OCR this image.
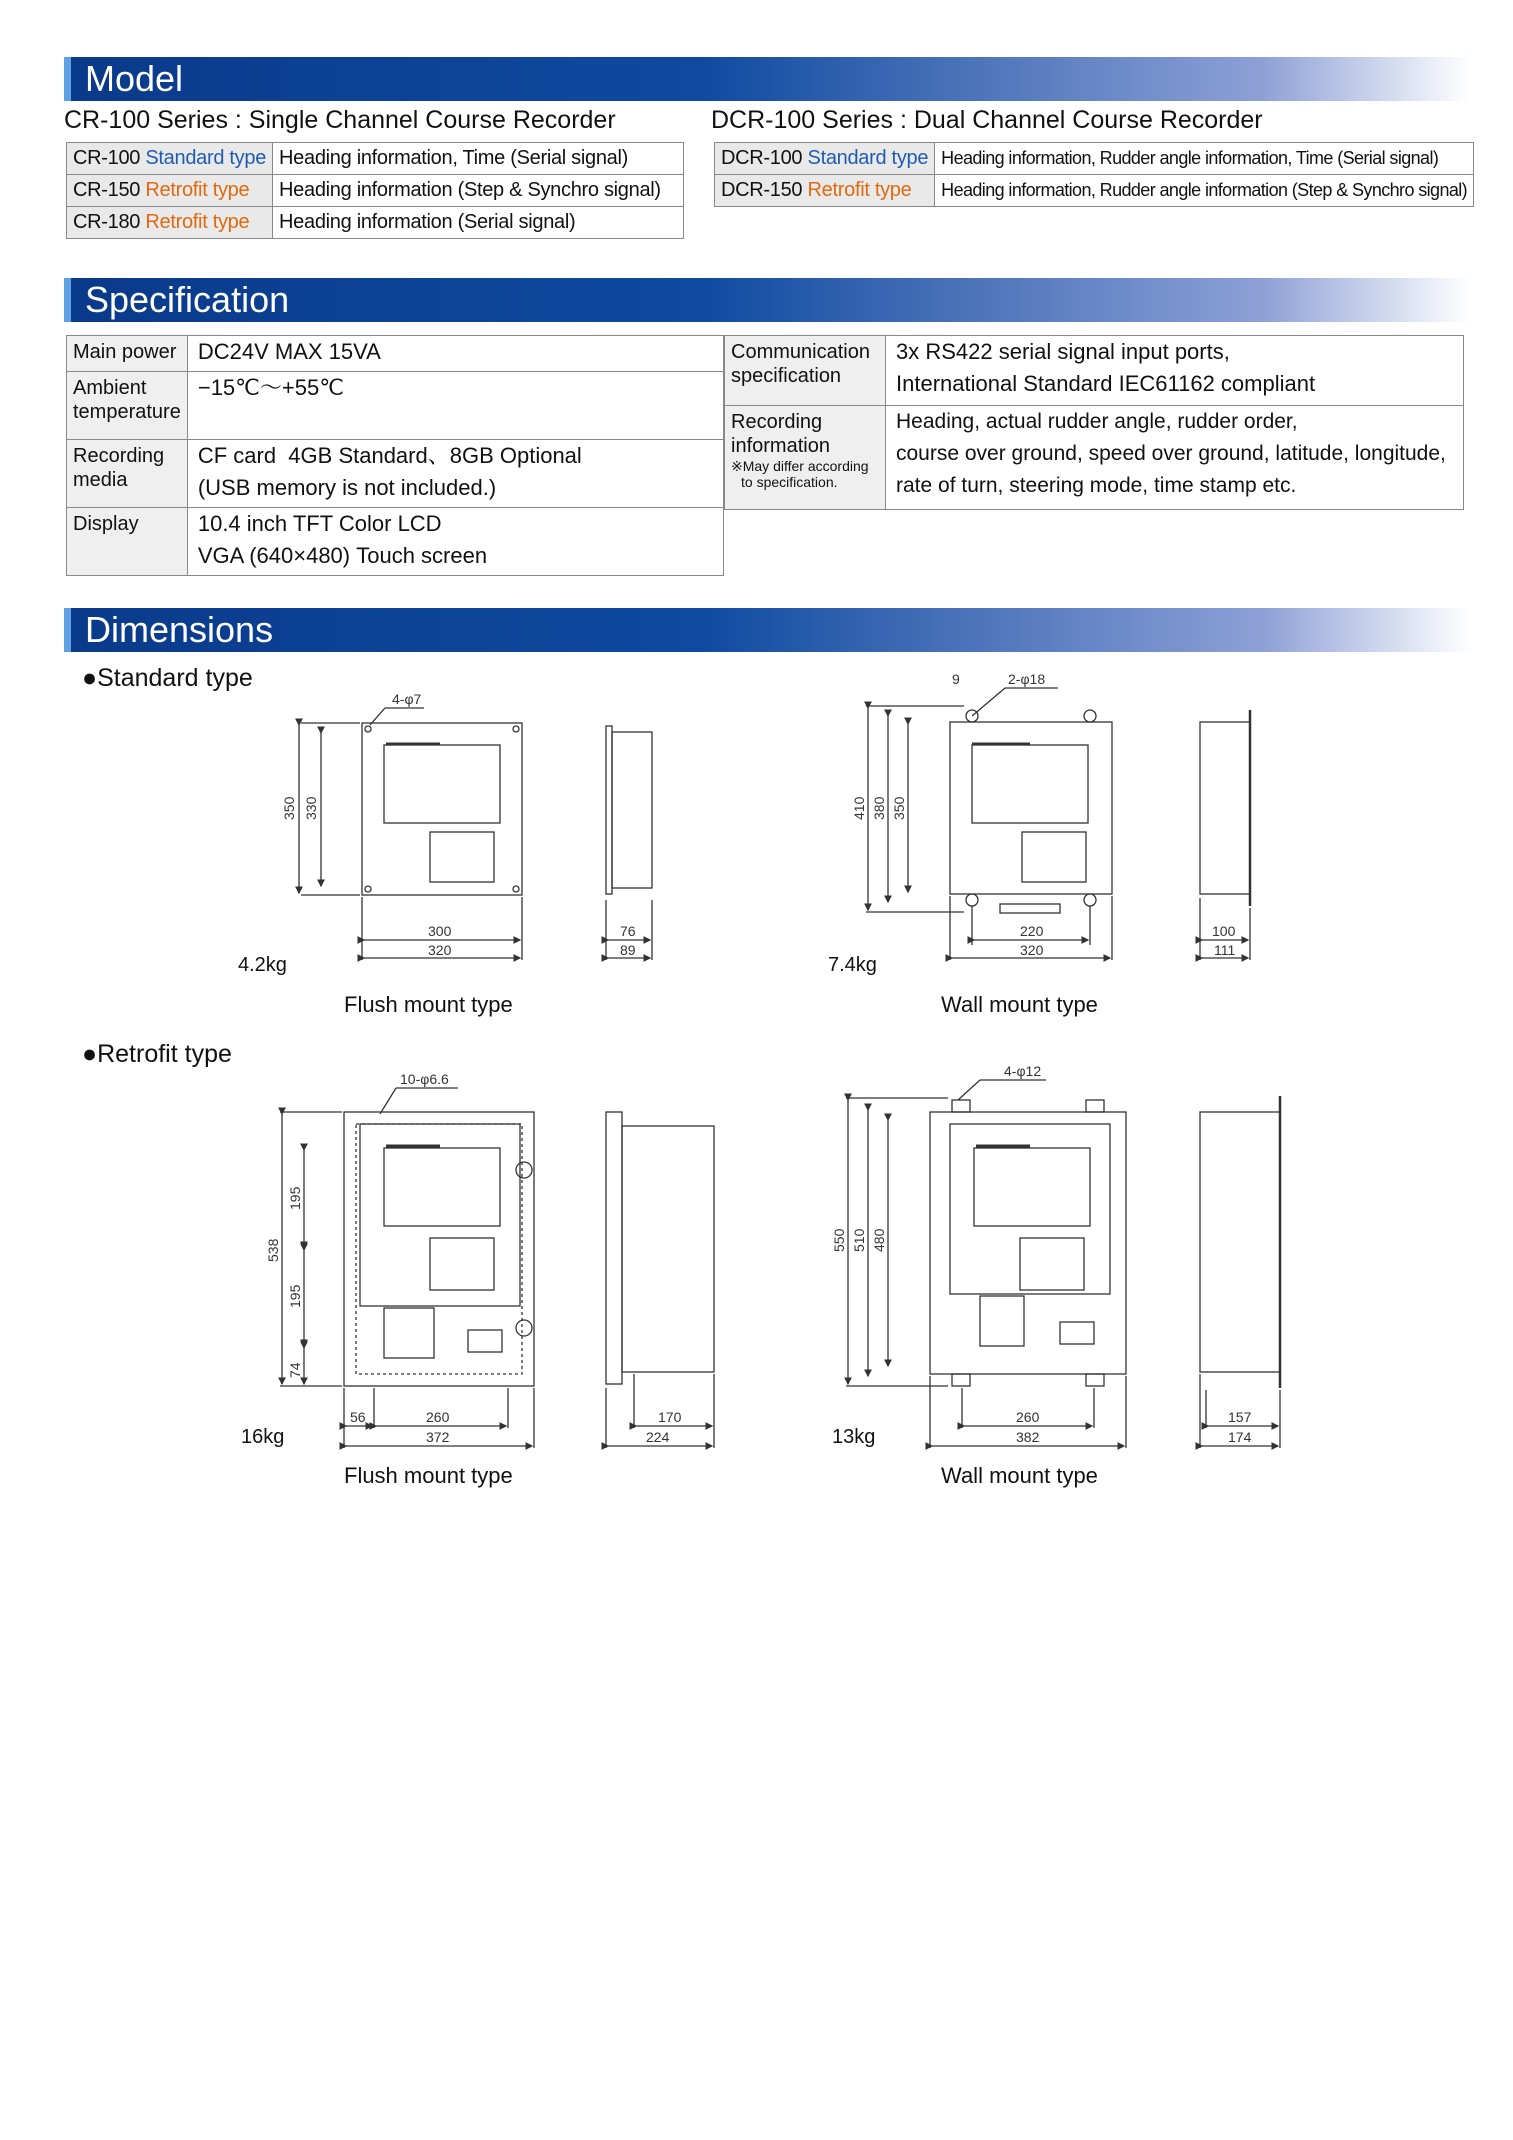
Model
CR-100 Series : Single Channel Course Recorder	DCR-100 Series : Dual Channel Course Recorder
CR-100 Standard type	Heading information, Time (Serial signal)
CR-150 Retrofit type	Heading information (Step & Synchro signal)
CR-180 Retrofit type	Heading information (Serial signal)
DCR-100 Standard type	Heading information, Rudder angle information, Time (Serial signal)
DCR-150 Retrofit type	Heading information, Rudder angle information (Step & Synchro signal)
Specification
Main power	DC24V MAX 15VA
Ambient
temperature	−15℃～+55℃
Recording
media	CF card  4GB Standard、8GB Optional
(USB memory is not included.)
Display	10.4 inch TFT Color LCD
VGA (640×480) Touch screen
Communication
specification	3x RS422 serial signal input ports,
International Standard IEC61162 compliant
Recording
information
※May differ according
to specification.	Heading, actual rudder angle, rudder order,
course over ground, speed over ground, latitude, longitude,
rate of turn, steering mode, time stamp etc.
Dimensions
●Standard type
●Retrofit type
4.2kg	7.4kg
16kg	13kg
Flush mount type	Wall mount type
Flush mount type	Wall mount type
4-φ7
350 330
300
320
76
89
9	2-φ18
410 380 350
220
320
100
111
10-φ6.6
538
195
195
74
56	260
372
170
224
4-φ12
550 510 480
260
382
157
174
